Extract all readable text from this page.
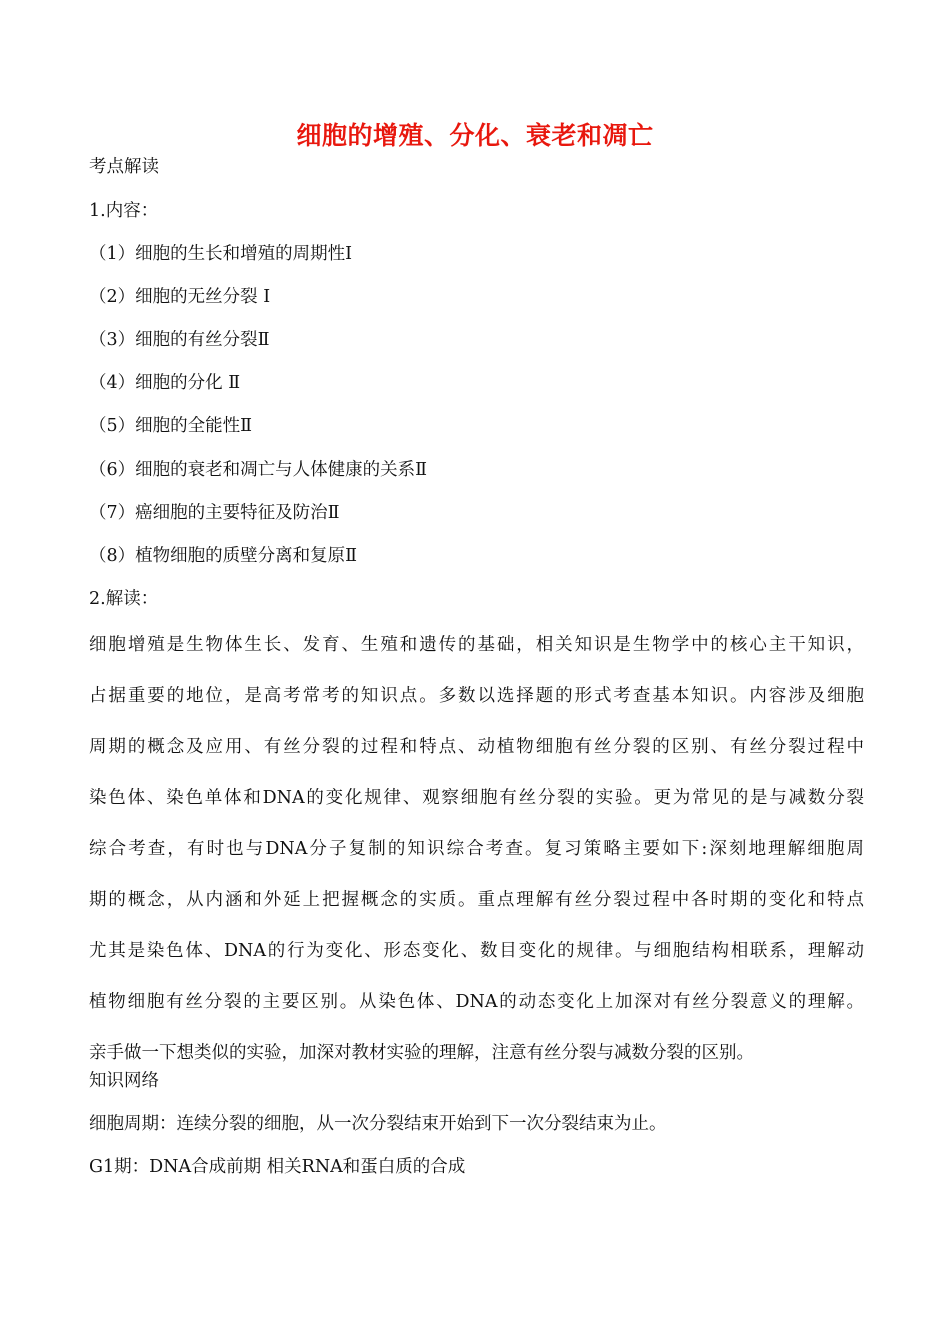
细胞的增殖、分化、衰老和凋亡
考点解读
1.内容：
（1）细胞的生长和增殖的周期性Ⅰ
（2）细胞的无丝分裂 Ⅰ
（3）细胞的有丝分裂Ⅱ
（4）细胞的分化 Ⅱ
（5）细胞的全能性Ⅱ
（6）细胞的衰老和凋亡与人体健康的关系Ⅱ
（7）癌细胞的主要特征及防治Ⅱ
（8）植物细胞的质壁分离和复原Ⅱ
2.解读：
细胞增殖是生物体生长、发育、生殖和遗传的基础，相关知识是生物学中的核心主干知识，
占据重要的地位，是高考常考的知识点。多数以选择题的形式考查基本知识。内容涉及细胞
周期的概念及应用、有丝分裂的过程和特点、动植物细胞有丝分裂的区别、有丝分裂过程中
染色体、染色单体和DNA的变化规律、观察细胞有丝分裂的实验。更为常见的是与减数分裂
综合考查，有时也与DNA分子复制的知识综合考查。复习策略主要如下:深刻地理解细胞周
期的概念，从内涵和外延上把握概念的实质。重点理解有丝分裂过程中各时期的变化和特点
尤其是染色体、DNA的行为变化、形态变化、数目变化的规律。与细胞结构相联系，理解动
植物细胞有丝分裂的主要区别。从染色体、DNA的动态变化上加深对有丝分裂意义的理解。
亲手做一下想类似的实验，加深对教材实验的理解，注意有丝分裂与减数分裂的区别。
知识网络
细胞周期：连续分裂的细胞，从一次分裂结束开始到下一次分裂结束为止。
G1期：DNA合成前期 相关RNA和蛋白质的合成
